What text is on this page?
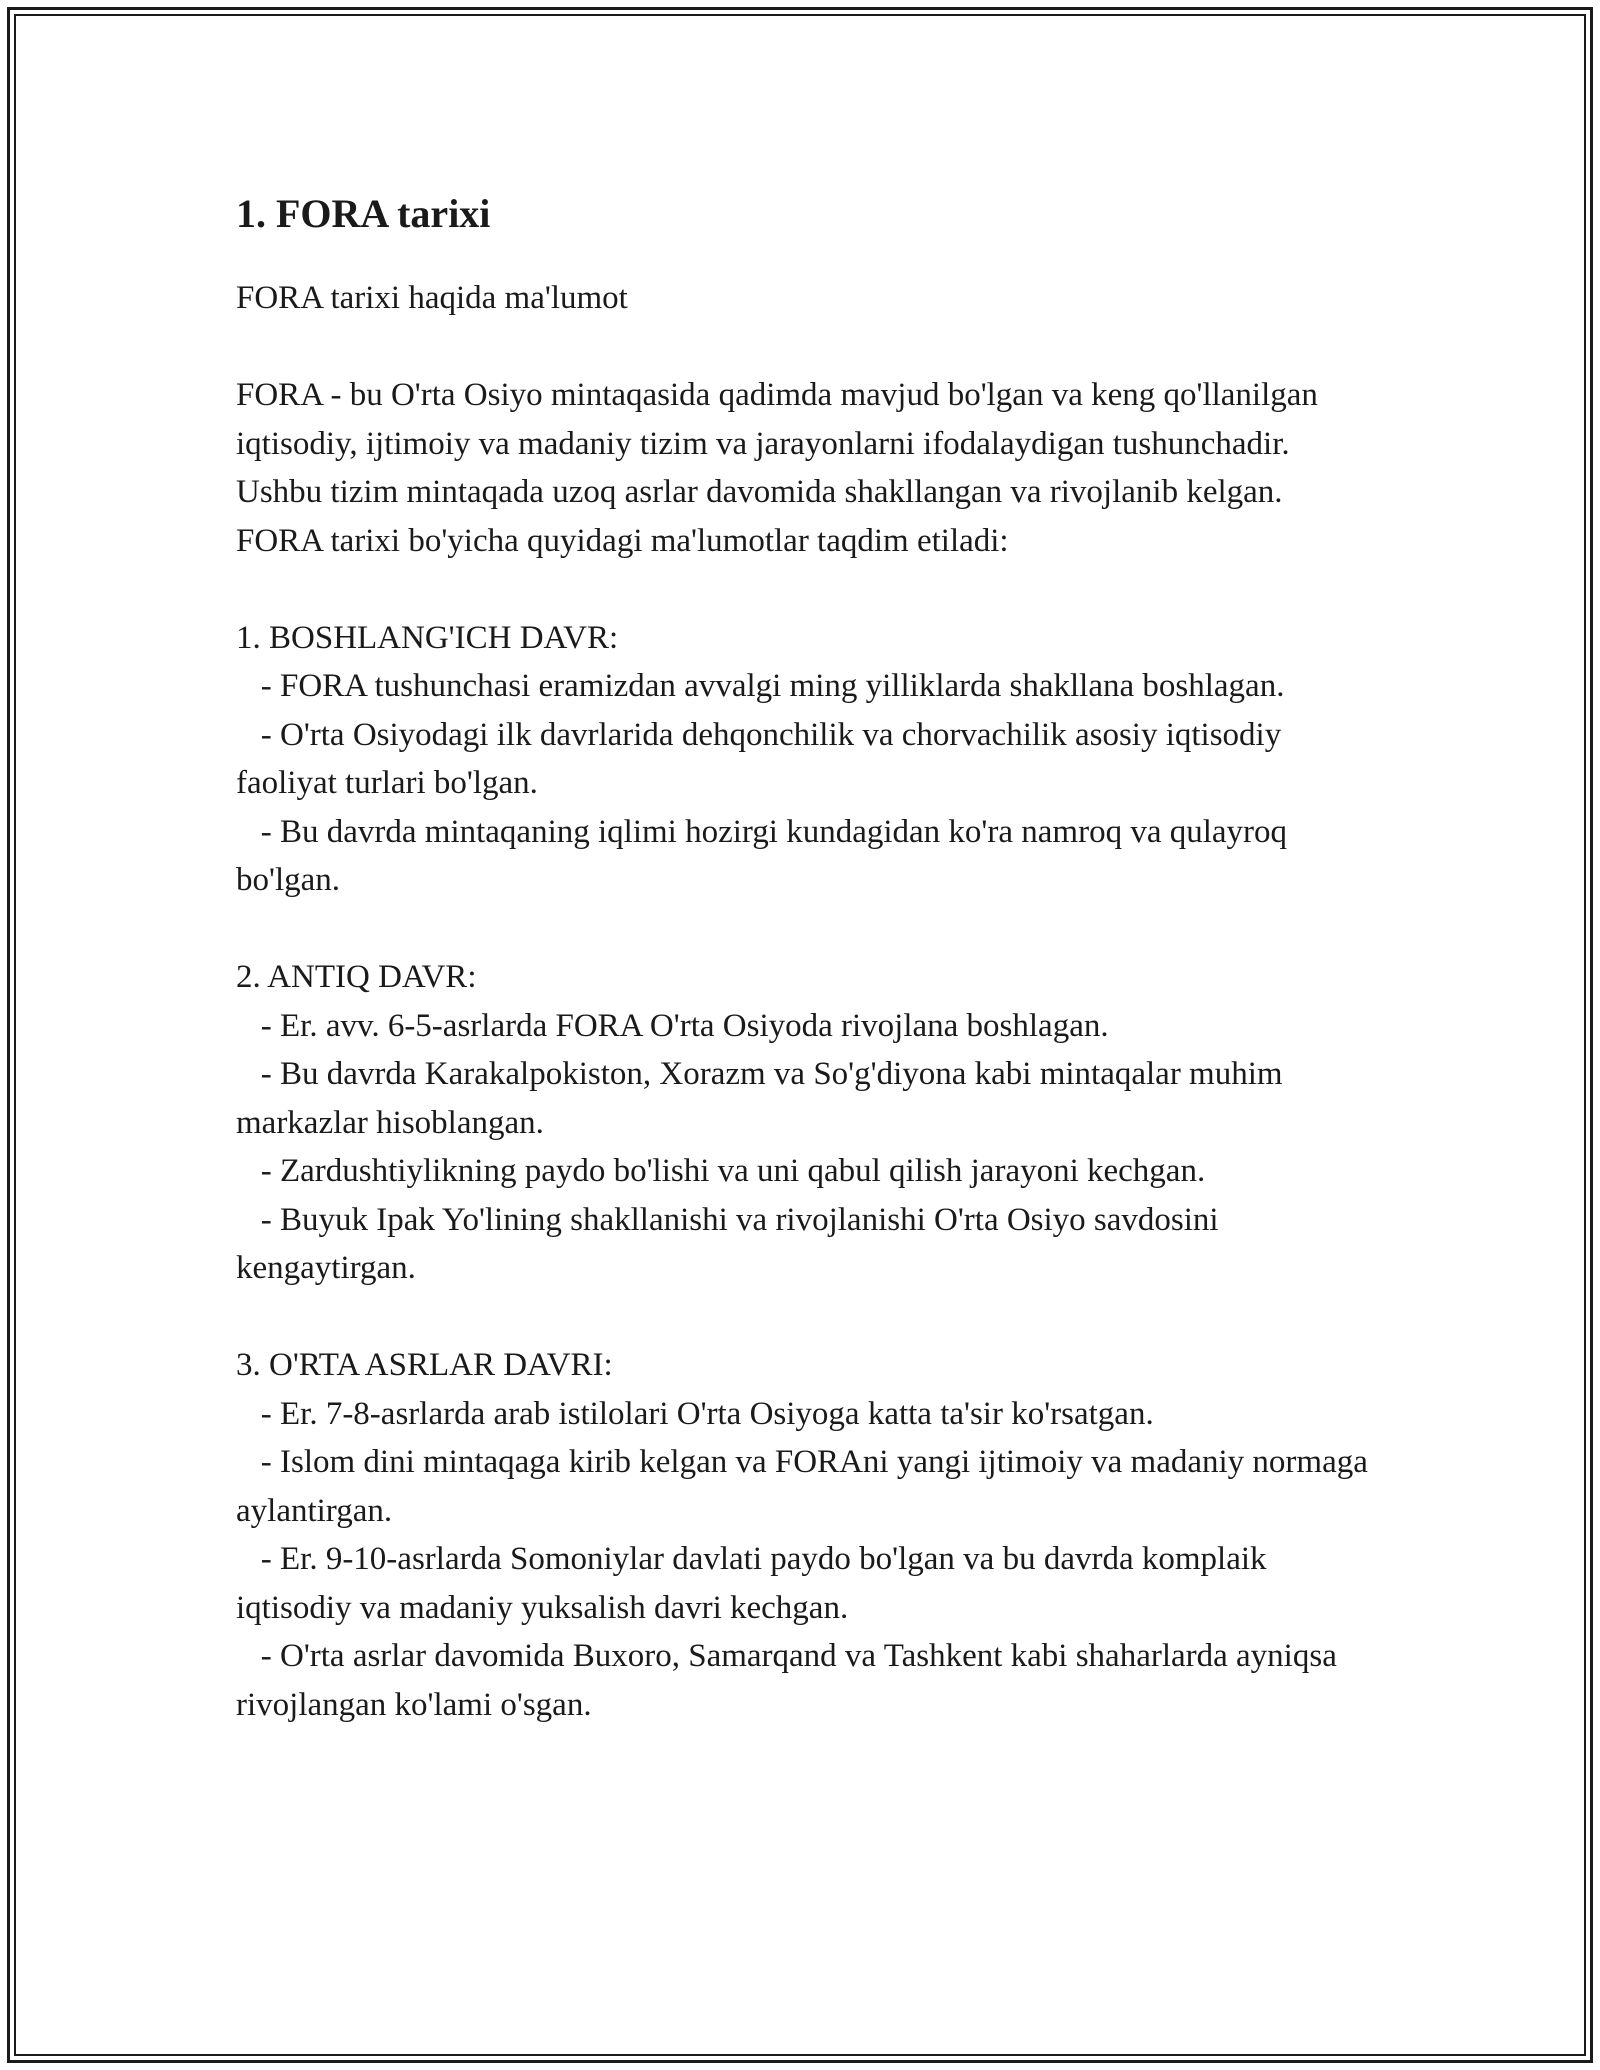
1. FORA tarixi

FORA tarixi haqida ma'lumot

FORA - bu O'rta Osiyo mintaqasida qadimda mavjud bo'lgan va keng qo'llanilgan iqtisodiy, ijtimoiy va madaniy tizim va jarayonlarni ifodalaydigan tushunchadir. Ushbu tizim mintaqada uzoq asrlar davomida shakllangan va rivojlanib kelgan. FORA tarixi bo'yicha quyidagi ma'lumotlar taqdim etiladi:

1. BOSHLANG'ICH DAVR:

- FORA tushunchasi eramizdan avvalgi ming yilliklarda shakllana boshlagan.

- O'rta Osiyodagi ilk davrlarida dehqonchilik va chorvachilik asosiy iqtisodiy faoliyat turlari bo'lgan.

- Bu davrda mintaqaning iqlimi hozirgi kundagidan ko'ra namroq va qulayroq bo'lgan.

2. ANTIQ DAVR:

- Er. avv. 6-5-asrlarda FORA O'rta Osiyoda rivojlana boshlagan.

- Bu davrda Karakalpokiston, Xorazm va So'g'diyona kabi mintaqalar muhim markazlar hisoblangan.

- Zardushtiylikning paydo bo'lishi va uni qabul qilish jarayoni kechgan.

- Buyuk Ipak Yo'lining shakllanishi va rivojlanishi O'rta Osiyo savdosini kengaytirgan.

3. O'RTA ASRLAR DAVRI:

- Er. 7-8-asrlarda arab istilolari O'rta Osiyoga katta ta'sir ko'rsatgan.

- Islom dini mintaqaga kirib kelgan va FORAni yangi ijtimoiy va madaniy normaga aylantirgan.

- Er. 9-10-asrlarda Somoniylar davlati paydo bo'lgan va bu davrda komplaik iqtisodiy va madaniy yuksalish davri kechgan.

- O'rta asrlar davomida Buxoro, Samarqand va Tashkent kabi shaharlarda ayniqsa rivojlangan ko'lami o'sgan.
